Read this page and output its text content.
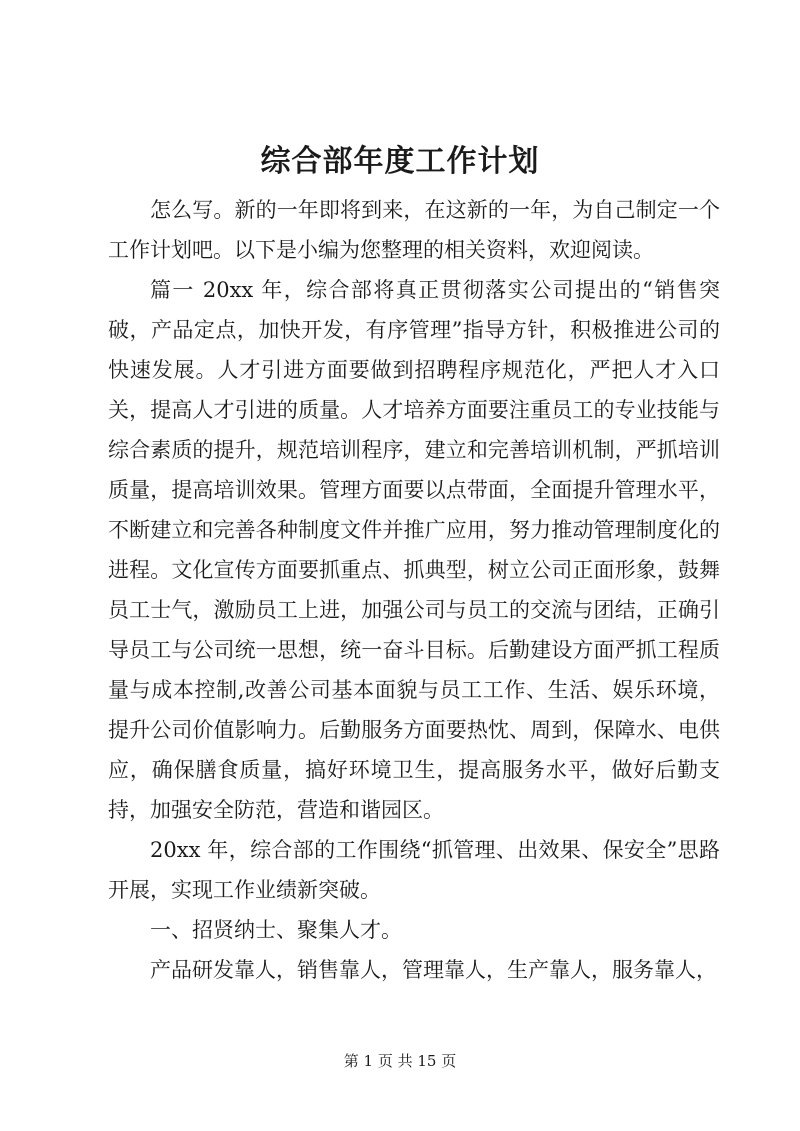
综合部年度工作计划

怎么写。新的一年即将到来，在这新的一年，为自己制定一个工作计划吧。以下是小编为您整理的相关资料，欢迎阅读。

篇一 20xx 年，综合部将真正贯彻落实公司提出的“销售突破，产品定点，加快开发，有序管理”指导方针，积极推进公司的快速发展。人才引进方面要做到招聘程序规范化，严把人才入口关，提高人才引进的质量。人才培养方面要注重员工的专业技能与综合素质的提升，规范培训程序，建立和完善培训机制，严抓培训质量，提高培训效果。管理方面要以点带面，全面提升管理水平，不断建立和完善各种制度文件并推广应用，努力推动管理制度化的进程。文化宣传方面要抓重点、抓典型，树立公司正面形象，鼓舞员工士气，激励员工上进，加强公司与员工的交流与团结，正确引导员工与公司统一思想，统一奋斗目标。后勤建设方面严抓工程质量与成本控制,改善公司基本面貌与员工工作、生活、娱乐环境，提升公司价值影响力。后勤服务方面要热忱、周到，保障水、电供应，确保膳食质量，搞好环境卫生，提高服务水平，做好后勤支持，加强安全防范，营造和谐园区。

20xx 年，综合部的工作围绕“抓管理、出效果、保安全”思路开展，实现工作业绩新突破。

一、招贤纳士、聚集人才。

产品研发靠人，销售靠人，管理靠人，生产靠人，服务靠人，

第 1 页 共 15 页
